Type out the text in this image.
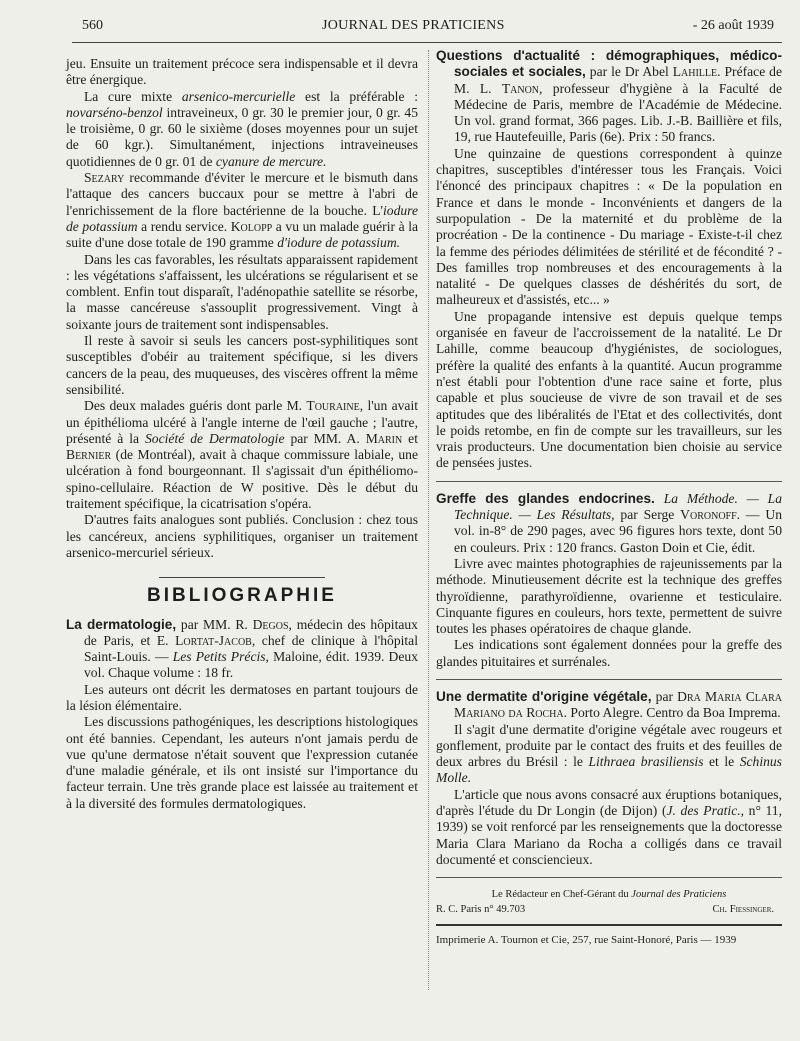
560	JOURNAL DES PRATICIENS	- 26 août 1939

jeu. Ensuite un traitement précoce sera indispensable et il devra être énergique.

La cure mixte arsenico-mercurielle est la préférable : novarséno-benzol intraveineux, 0 gr. 30 le premier jour, 0 gr. 45 le troisième, 0 gr. 60 le sixième (doses moyennes pour un sujet de 60 kgr.). Simultanément, injections intraveineuses quotidiennes de 0 gr. 01 de cyanure de mercure.

Sezary recommande d'éviter le mercure et le bismuth dans l'attaque des cancers buccaux pour se mettre à l'abri de l'enrichissement de la flore bactérienne de la bouche. L'iodure de potassium a rendu service. Kolopp a vu un malade guérir à la suite d'une dose totale de 190 gramme d'iodure de potassium.

Dans les cas favorables, les résultats apparaissent rapidement : les végétations s'affaissent, les ulcérations se régularisent et se comblent. Enfin tout disparaît, l'adénopathie satellite se résorbe, la masse cancéreuse s'assouplit progressivement. Vingt à soixante jours de traitement sont indispensables.

Il reste à savoir si seuls les cancers post-syphilitiques sont susceptibles d'obéir au traitement spécifique, si les divers cancers de la peau, des muqueuses, des viscères offrent la même sensibilité.

Des deux malades guéris dont parle M. Touraine, l'un avait un épithélioma ulcéré à l'angle interne de l'œil gauche ; l'autre, présenté à la Société de Dermatologie par MM. A. Marin et Bernier (de Montréal), avait à chaque commissure labiale, une ulcération à fond bourgeonnant. Il s'agissait d'un épithéliomo-spino-cellulaire. Réaction de W positive. Dès le début du traitement spécifique, la cicatrisation s'opéra.

D'autres faits analogues sont publiés. Conclusion : chez tous les cancéreux, anciens syphilitiques, organiser un traitement arsenico-mercuriel sérieux.

BIBLIOGRAPHIE

La dermatologie, par MM. R. Degos, médecin des hôpitaux de Paris, et E. Lortat-Jacob, chef de clinique à l'hôpital Saint-Louis. — Les Petits Précis, Maloine, édit. 1939. Deux vol. Chaque volume : 18 fr.

Les auteurs ont décrit les dermatoses en partant toujours de la lésion élémentaire.

Les discussions pathogéniques, les descriptions histologiques ont été bannies. Cependant, les auteurs n'ont jamais perdu de vue qu'une dermatose n'était souvent que l'expression cutanée d'une maladie générale, et ils ont insisté sur l'importance du facteur terrain. Une très grande place est laissée au traitement et à la diversité des formules dermatologiques.

Questions d'actualité : démographiques, médico-sociales et sociales, par le Dr Abel Lahille. Préface de M. L. Tanon, professeur d'hygiène à la Faculté de Médecine de Paris, membre de l'Académie de Médecine. Un vol. grand format, 366 pages. Lib. J.-B. Baillière et fils, 19, rue Hautefeuille, Paris (6e). Prix : 50 francs.

Une quinzaine de questions correspondent à quinze chapitres, susceptibles d'intéresser tous les Français. Voici l'énoncé des principaux chapitres : « De la population en France et dans le monde - Inconvénients et dangers de la surpopulation - De la maternité et du problème de la procréation - De la continence - Du mariage - Existe-t-il chez la femme des périodes délimitées de stérilité et de fécondité ? - Des familles trop nombreuses et des encouragements à la natalité - De quelques classes de déshérités du sort, de malheureux et d'assistés, etc... »

Une propagande intensive est depuis quelque temps organisée en faveur de l'accroissement de la natalité. Le Dr Lahille, comme beaucoup d'hygiénistes, de sociologues, préfère la qualité des enfants à la quantité. Aucun programme n'est établi pour l'obtention d'une race saine et forte, plus capable et plus soucieuse de vivre de son travail et de ses aptitudes que des libéralités de l'Etat et des collectivités, dont le poids retombe, en fin de compte sur les travailleurs, sur les vrais producteurs. Une documentation bien choisie au service de pensées justes.

Greffe des glandes endocrines. La Méthode. — La Technique. — Les Résultats, par Serge Voronoff. — Un vol. in-8° de 290 pages, avec 96 figures hors texte, dont 50 en couleurs. Prix : 120 francs. Gaston Doin et Cie, édit.

Livre avec maintes photographies de rajeunissements par la méthode. Minutieusement décrite est la technique des greffes thyroïdienne, parathyroïdienne, ovarienne et testiculaire. Cinquante figures en couleurs, hors texte, permettent de suivre toutes les phases opératoires de chaque glande.

Les indications sont également données pour la greffe des glandes pituitaires et surrénales.

Une dermatite d'origine végétale, par Dra Maria Clara Mariano da Rocha. Porto Alegre. Centro da Boa Imprema.

Il s'agit d'une dermatite d'origine végétale avec rougeurs et gonflement, produite par le contact des fruits et des feuilles de deux arbres du Brésil : le Lithraea brasiliensis et le Schinus Molle.

L'article que nous avons consacré aux éruptions botaniques, d'après l'étude du Dr Longin (de Dijon) (J. des Pratic., n° 11, 1939) se voit renforcé par les renseignements que la doctoresse Maria Clara Mariano da Rocha a colligés dans ce travail documenté et consciencieux.

Le Rédacteur en Chef-Gérant du Journal des Praticiens
R. C. Paris n° 49.703	Ch. Fiessinger.
Imprimerie A. Tournon et Cie, 257, rue Saint-Honoré, Paris — 1939
